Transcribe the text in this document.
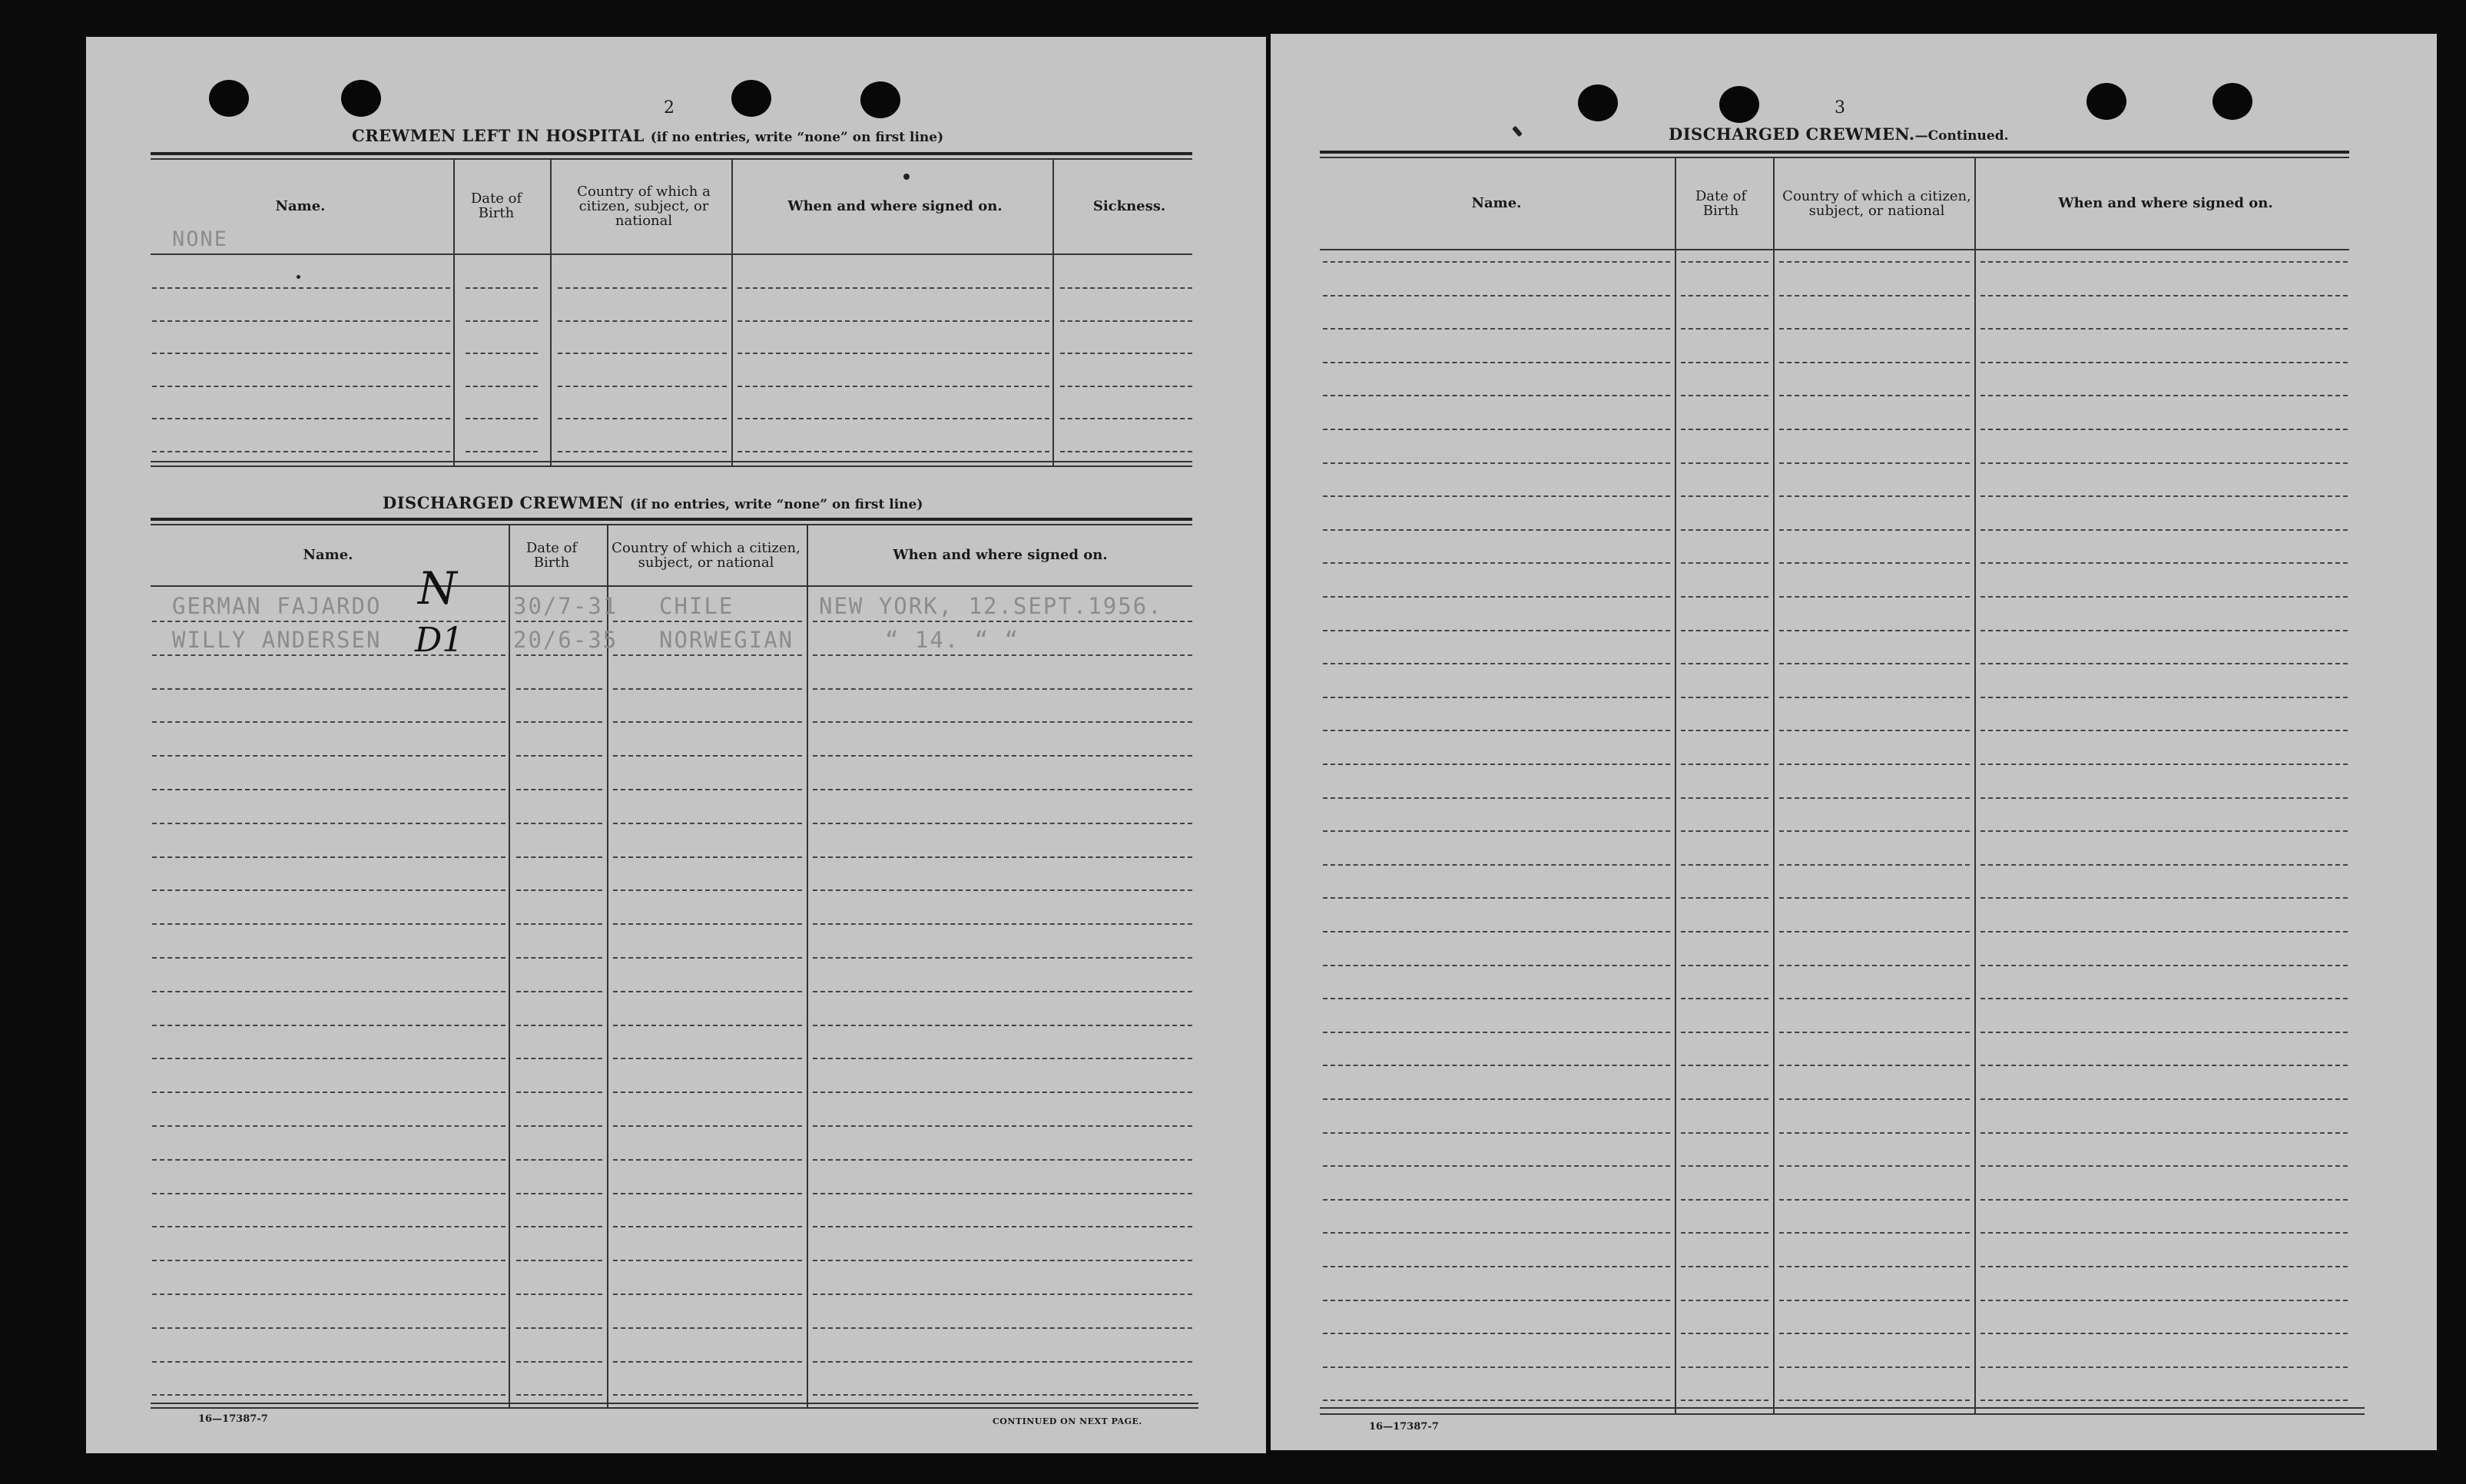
2
CREWMEN LEFT IN HOSPITAL (if no entries, write “none” on first line)
Name.	Date of Birth
Country of which a citizen, subject, or national
When and where signed on.	Sickness.
NONE
DISCHARGED CREWMEN (if no entries, write “none” on first line)
Name.	Date of Birth
Country of which a citizen, subject, or national	When and where signed on.
GERMAN FAJARDO	30/7-31 CHILE	NEW YORK, 12.SEPT.1956.
N
WILLY ANDERSEN	20/6-35 NORWEGIAN	“ 14. “ “
D1
16—17387-7	CONTINUED ON NEXT PAGE.
3
DISCHARGED CREWMEN.—Continued.
Name.	Date of Birth
Country of which a citizen, subject, or national	When and where signed on.
16—17387-7
